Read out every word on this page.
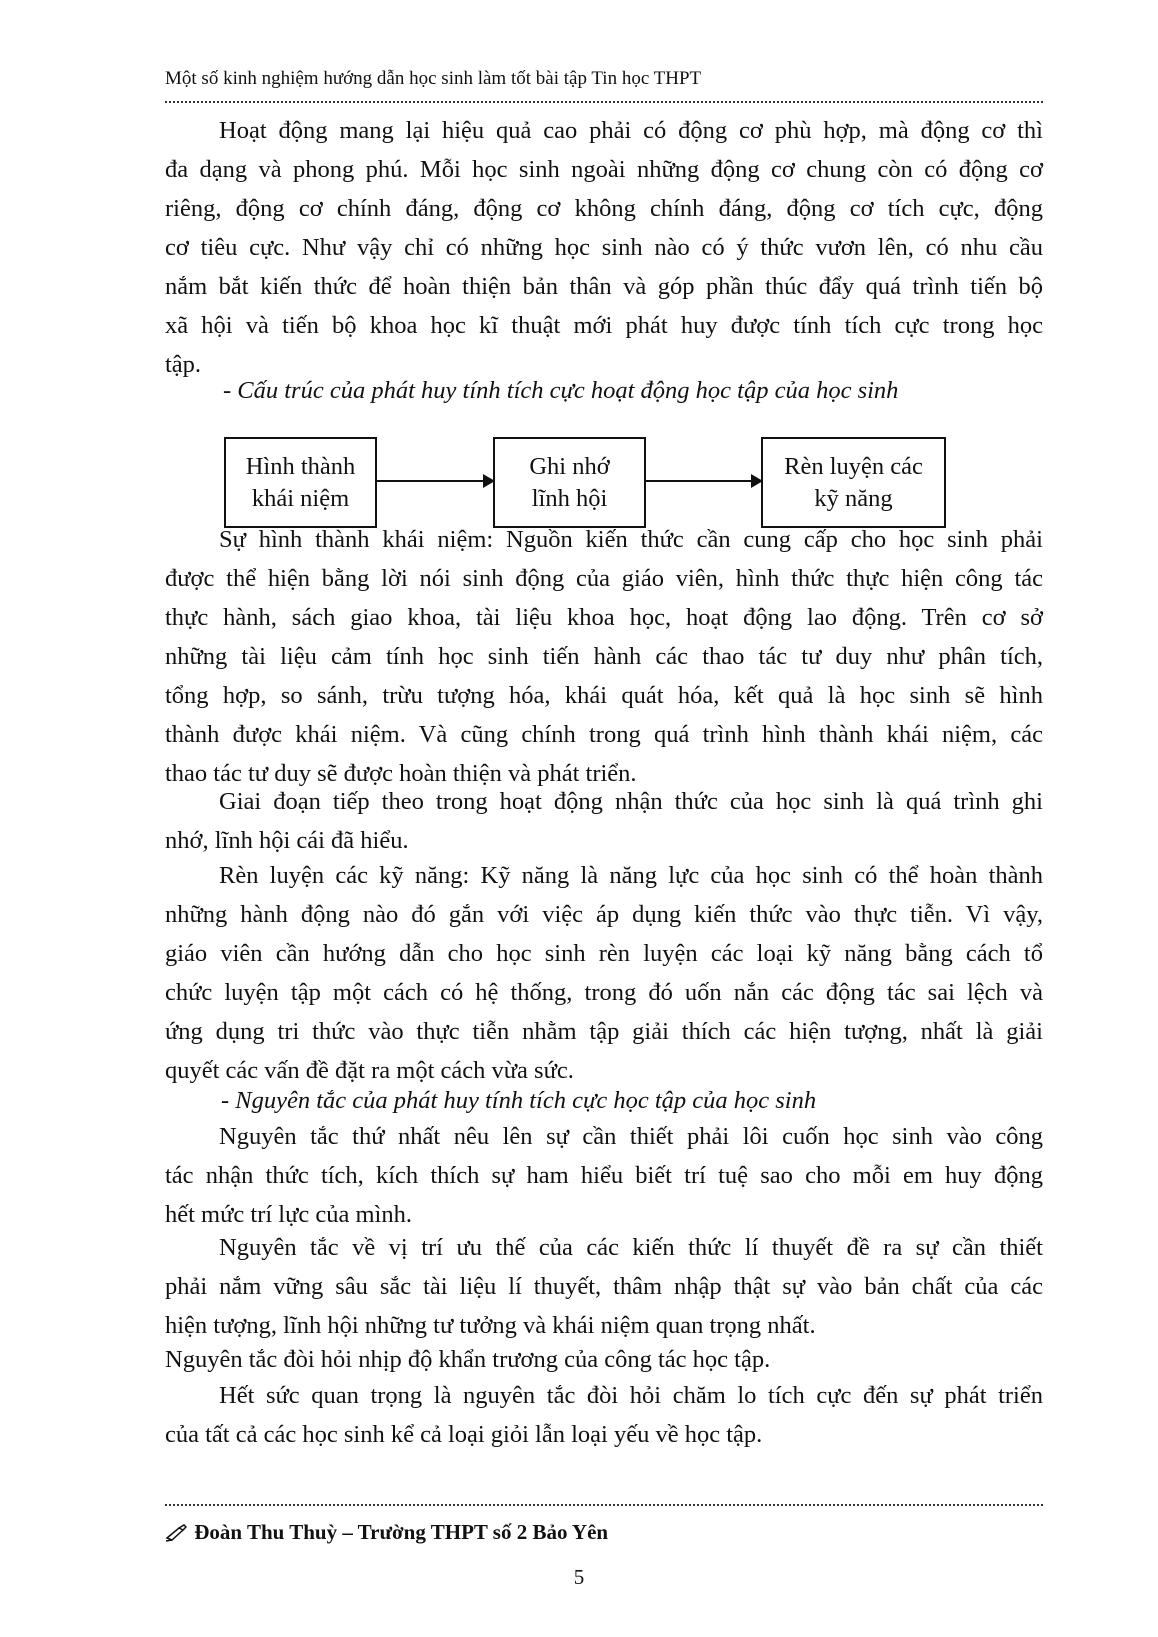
Một số kinh nghiệm hướng dẫn học sinh làm tốt bài tập Tin học THPT
Hoạt động mang lại hiệu quả cao phải có động cơ phù hợp, mà động cơ thì
đa dạng và phong phú. Mỗi học sinh ngoài những động cơ chung còn có động cơ
riêng, động cơ chính đáng, động cơ không chính đáng, động cơ tích cực, động
cơ tiêu cực. Như vậy chỉ có những học sinh nào có ý thức vươn lên, có nhu cầu
nắm bắt kiến thức để hoàn thiện bản thân và góp phần thúc đẩy quá trình tiến bộ
xã hội và tiến bộ khoa học kĩ thuật mới phát huy được tính tích cực trong học
tập.
- Cấu trúc của phát huy tính tích cực hoạt động học tập của học sinh
Hình thành
khái niệm
Ghi nhớ
lĩnh hội
Rèn luyện các
kỹ năng
Sự hình thành khái niệm: Nguồn kiến thức cần cung cấp cho học sinh phải
được thể hiện bằng lời nói sinh động của giáo viên, hình thức thực hiện công tác
thực hành, sách giao khoa, tài liệu khoa học, hoạt động lao động. Trên cơ sở
những tài liệu cảm tính học sinh tiến hành các thao tác tư duy như phân tích,
tổng hợp, so sánh, trừu tượng hóa, khái quát hóa, kết quả là học sinh sẽ hình
thành được khái niệm. Và cũng chính trong quá trình hình thành khái niệm, các
thao tác tư duy sẽ được hoàn thiện và phát triển.
Giai đoạn tiếp theo trong hoạt động nhận thức của học sinh là quá trình ghi
nhớ, lĩnh hội cái đã hiểu.
Rèn luyện các kỹ năng: Kỹ năng là năng lực của học sinh có thể hoàn thành
những hành động nào đó gắn với việc áp dụng kiến thức vào thực tiễn. Vì vậy,
giáo viên cần hướng dẫn cho học sinh rèn luyện các loại kỹ năng bằng cách tổ
chức luyện tập một cách có hệ thống, trong đó uốn nắn các động tác sai lệch và
ứng dụng tri thức vào thực tiễn nhằm tập giải thích các hiện tượng, nhất là giải
quyết các vấn đề đặt ra một cách vừa sức.
- Nguyên tắc của phát huy tính tích cực học tập của học sinh
Nguyên tắc thứ nhất nêu lên sự cần thiết phải lôi cuốn học sinh vào công
tác nhận thức tích, kích thích sự ham hiểu biết trí tuệ sao cho mỗi em huy động
hết mức trí lực của mình.
Nguyên tắc về vị trí ưu thế của các kiến thức lí thuyết đề ra sự cần thiết
phải nắm vững sâu sắc tài liệu lí thuyết, thâm nhập thật sự vào bản chất của các
hiện tượng, lĩnh hội những tư tưởng và khái niệm quan trọng nhất.
Nguyên tắc đòi hỏi nhịp độ khẩn trương của công tác học tập.
Hết sức quan trọng là nguyên tắc đòi hỏi chăm lo tích cực đến sự phát triển
của tất cả các học sinh kể cả loại giỏi lẫn loại yếu về học tập.
Đoàn Thu Thuỳ – Trường THPT số 2 Bảo Yên
5
